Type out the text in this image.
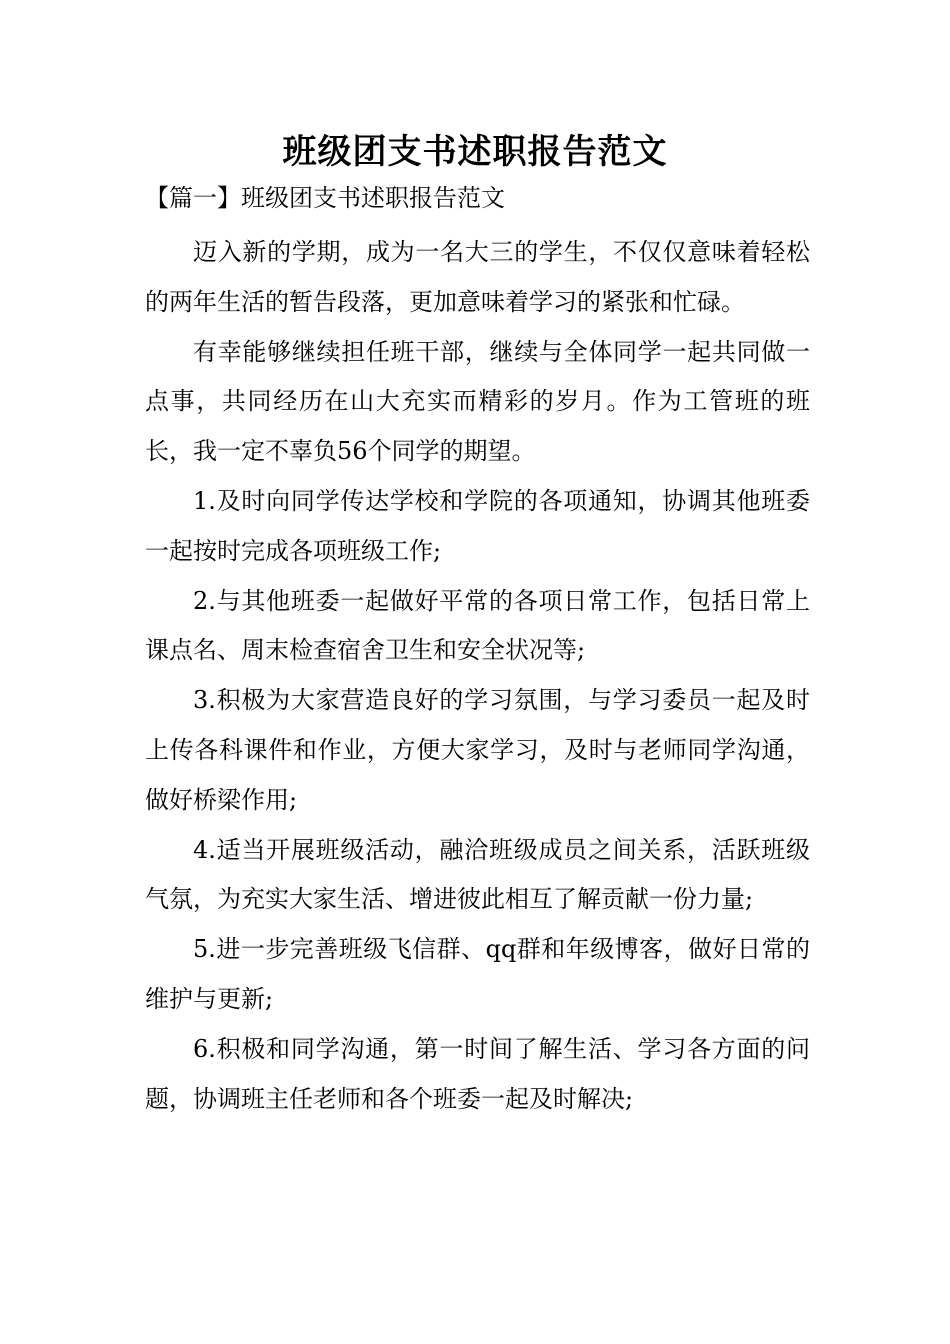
班级团支书述职报告范文
【篇一】班级团支书述职报告范文

迈入新的学期，成为一名大三的学生，不仅仅意味着轻松的两年生活的暂告段落，更加意味着学习的紧张和忙碌。

有幸能够继续担任班干部，继续与全体同学一起共同做一点事，共同经历在山大充实而精彩的岁月。作为工管班的班长，我一定不辜负56个同学的期望。

1.及时向同学传达学校和学院的各项通知，协调其他班委一起按时完成各项班级工作;

2.与其他班委一起做好平常的各项日常工作，包括日常上课点名、周末检查宿舍卫生和安全状况等;

3.积极为大家营造良好的学习氛围，与学习委员一起及时上传各科课件和作业，方便大家学习，及时与老师同学沟通，做好桥梁作用;

4.适当开展班级活动，融洽班级成员之间关系，活跃班级气氛，为充实大家生活、增进彼此相互了解贡献一份力量;

5.进一步完善班级飞信群、qq群和年级博客，做好日常的维护与更新;

6.积极和同学沟通，第一时间了解生活、学习各方面的问题，协调班主任老师和各个班委一起及时解决;
